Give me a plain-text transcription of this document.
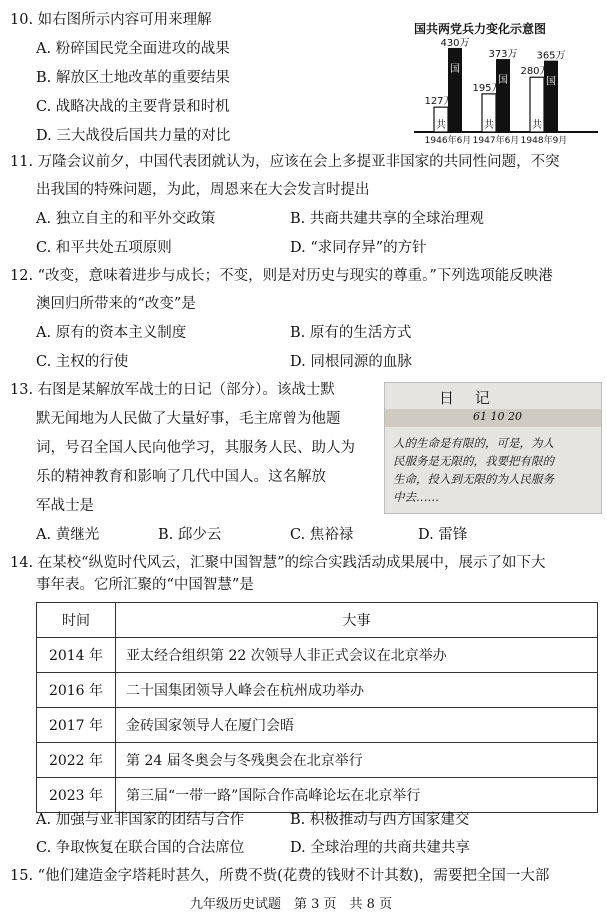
10. 如右图所示内容可用来理解
A. 粉碎国民党全面进攻的战果
B. 解放区土地改革的重要结果
C. 战略决战的主要背景和时机
D. 三大战役后国共力量的对比
国共两党兵力变化示意图
共
国
127万
430万
1946年6月
共
国
195万
373万
1947年6月
共
国
280万
365万
1948年9月
11. 万隆会议前夕，中国代表团就认为，应该在会上多提亚非国家的共同性问题，不突
出我国的特殊问题，为此，周恩来在大会发言时提出
A. 独立自主的和平外交政策	B. 共商共建共享的全球治理观
C. 和平共处五项原则	D. “求同存异”的方针
12. “改变，意味着进步与成长；不变，则是对历史与现实的尊重。”下列选项能反映港
澳回归所带来的“改变”是
A. 原有的资本主义制度	B. 原有的生活方式
C. 主权的行使	D. 同根同源的血脉
13. 右图是某解放军战士的日记（部分）。该战士默
默无闻地为人民做了大量好事，毛主席曾为他题
词，号召全国人民向他学习，其服务人民、助人为
乐的精神教育和影响了几代中国人。这名解放
军战士是
A. 黄继光	B. 邱少云	C. 焦裕禄	D. 雷锋
日 记
61 10 20
人的生命是有限的，可是，为人
民服务是无限的，我要把有限的
生命，投入到无限的为人民服务
中去……
14. 在某校“纵览时代风云，汇聚中国智慧”的综合实践活动成果展中，展示了如下大
事年表。它所汇聚的“中国智慧”是
时间	大事
2014 年	亚太经合组织第 22 次领导人非正式会议在北京举办
2016 年	二十国集团领导人峰会在杭州成功举办
2017 年	金砖国家领导人在厦门会晤
2022 年	第 24 届冬奥会与冬残奥会在北京举行
2023 年	第三届“一带一路”国际合作高峰论坛在北京举行
A. 加强与亚非国家的团结与合作	B. 积极推动与西方国家建交
C. 争取恢复在联合国的合法席位	D. 全球治理的共商共建共享
15. “他们建造金字塔耗时甚久，所费不赀(花费的钱财不计其数)，需要把全国一大部
九年级历史试题　第 3 页　共 8 页
